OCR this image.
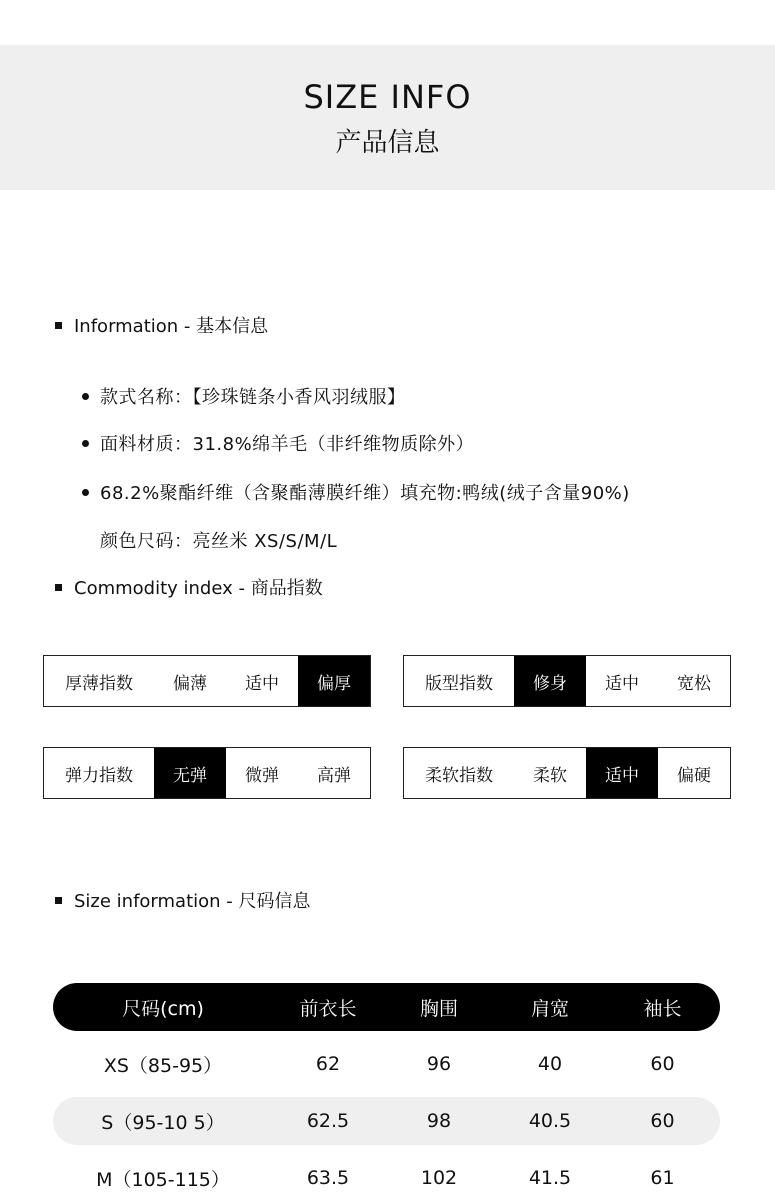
SIZE INFO
产品信息
Information - 基本信息
款式名称：【珍珠链条小香风羽绒服】
面料材质：31.8%绵羊毛（非纤维物质除外）
68.2%聚酯纤维（含聚酯薄膜纤维）填充物:鸭绒(绒子含量90%)
颜色尺码：亮丝米 XS/S/M/L
Commodity index - 商品指数
厚薄指数	偏薄	适中	偏厚	版型指数	修身	适中	宽松
弹力指数	无弹	微弹	高弹	柔软指数	柔软	适中	偏硬
Size information - 尺码信息
尺码(cm)	前衣长	胸围	肩宽	袖长
XS（85-95）	62	96	40	60
S（95-10 5）	62.5	98	40.5	60
M（105-115）	63.5	102	41.5	61
